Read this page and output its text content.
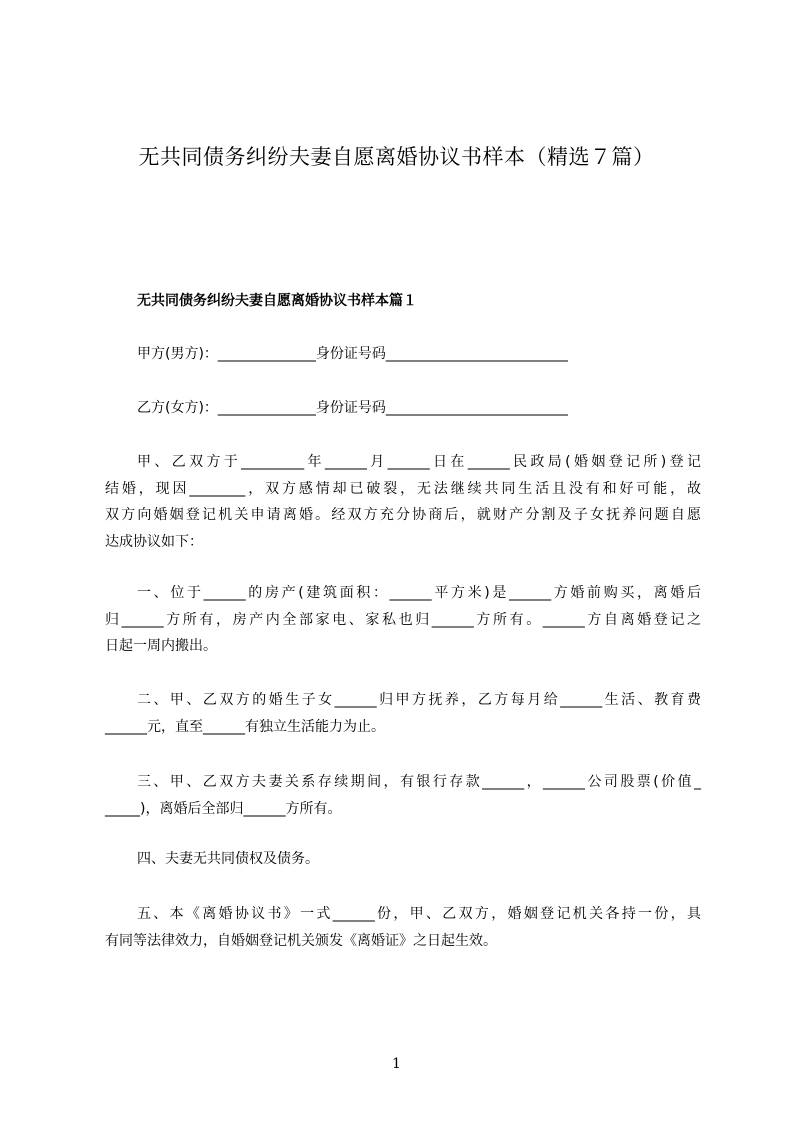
无共同债务纠纷夫妻自愿离婚协议书样本（精选７篇）
无共同债务纠纷夫妻自愿离婚协议书样本篇１
甲方(男方)：______________身份证号码__________________________
乙方(女方)：______________身份证号码__________________________
甲、乙双方于_________年______月______日在______民政局(婚姻登记所)登记
结婚，现因________，双方感情却已破裂，无法继续共同生活且没有和好可能，故
双方向婚姻登记机关申请离婚。经双方充分协商后，就财产分割及子女抚养问题自愿
达成协议如下：
一、位于______的房产(建筑面积：______平方米)是______方婚前购买，离婚后
归______方所有，房产内全部家电、家私也归______方所有。______方自离婚登记之
日起一周内搬出。
二、甲、乙双方的婚生子女______归甲方抚养，乙方每月给______生活、教育费
______元，直至______有独立生活能力为止。
三、甲、乙双方夫妻关系存续期间，有银行存款______，______公司股票(价值_
_____)，离婚后全部归______方所有。
四、夫妻无共同债权及债务。
五、本《离婚协议书》一式______份，甲、乙双方，婚姻登记机关各持一份，具
有同等法律效力，自婚姻登记机关颁发《离婚证》之日起生效。
1
